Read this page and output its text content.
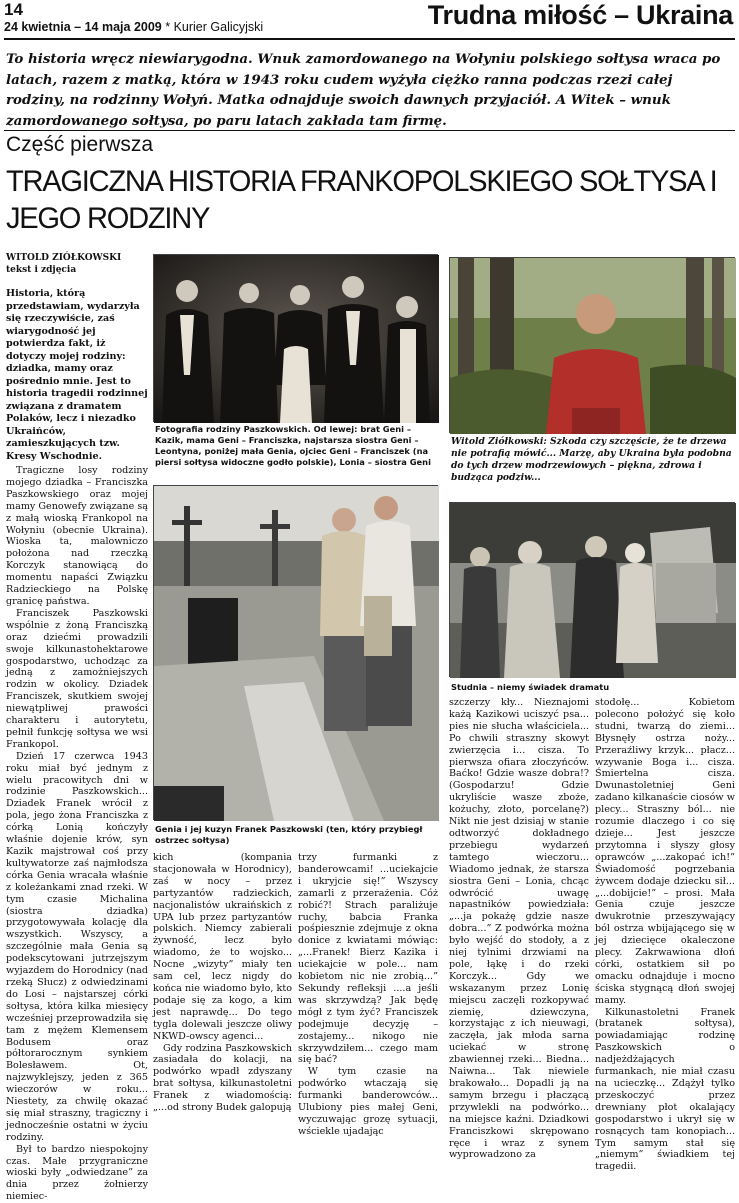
14
24 kwietnia – 14 maja 2009 * Kurier Galicyjski	Trudna miłość – Ukraina
To historia wręcz niewiarygodna. Wnuk zamordowanego na Wołyniu polskiego sołtysa wraca po latach, razem z matką, która w 1943 roku cudem wyżyła ciężko ranna podczas rzezi całej rodziny, na rodzinny Wołyń. Matka odnajduje swoich dawnych przyjaciół. A Witek – wnuk zamordowanego sołtysa, po paru latach zakłada tam firmę.
Część pierwsza
TRAGICZNA HISTORIA FRANKOPOLSKIEGO SOŁTYSA I JEGO RODZINY
WITOLD ZIÓŁKOWSKI
tekst i zdjęcia
Historia, którą przedstawiam, wydarzyła się rzeczywiście, zaś wiarygodność jej potwierdza fakt, iż dotyczy mojej rodziny: dziadka, mamy oraz pośrednio mnie. Jest to historia tragedii rodzinnej związana z dramatem Polaków, lecz i niezadko Ukraińców, zamieszkujących tzw. Kresy Wschodnie.

Tragiczne losy rodziny mojego dziadka – Franciszka Paszkowskiego oraz mojej mamy Genowefy związane są z małą wioską Frankopol na Wołyniu (obecnie Ukraina). Wioska ta, malowniczo położona nad rzeczką Korczyk stanowiącą do momentu napaści Związku Radzieckiego na Polskę granicę państwa.

Franciszek Paszkowski wspólnie z żoną Franciszką oraz dziećmi prowadzili swoje kilkunastohektarowe gospodarstwo, uchodząc za jedną z zamożniejszych rodzin w okolicy. Dziadek Franciszek, skutkiem swojej niewątpliwej prawości charakteru i autorytetu, pełnił funkcję sołtysa we wsi Frankopol.

Dzień 17 czerwca 1943 roku miał być jednym z wielu pracowitych dni w rodzinie Paszkowskich... Dziadek Franek wrócił z pola, jego żona Franciszka z córką Lonią kończyły właśnie dojenie krów, syn Kazik majstrował coś przy kultywatorze zaś najmłodsza córka Genia wracała właśnie z koleżankami znad rzeki. W tym czasie Michalina (siostra dziadka) przygotowywała kolację dla wszystkich. Wszyscy, a szczególnie mała Genia są podekscytowani jutrzejszym wyjazdem do Horodnicy (nad rzeką Słucz) z odwiedzinami do Losi – najstarszej córki sołtysa, która kilka miesięcy wcześniej przeprowadziła się tam z mężem Klemensem Bodusem oraz półtorarocznym synkiem Bolesławem. Ot, najzwyklejszy, jeden z 365 wieczorów w roku... Niestety, za chwilę okazać się miał straszny, tragiczny i jednocześnie ostatni w życiu rodziny.

Był to bardzo niespokojny czas. Małe przygraniczne wioski były „odwiedzane” za dnia przez żołnierzy niemiec-

Fotografia rodziny Paszkowskich. Od lewej: brat Geni – Kazik, mama Geni – Franciszka, najstarsza siostra Geni – Leontyna, poniżej mała Genia, ojciec Geni – Franciszek (na piersi sołtysa widoczne godło polskie), Lonia – siostra Geni
Witold Ziółkowski: Szkoda czy szczęście, że te drzewa nie potrafią mówić... Marzę, aby Ukraina była podobna do tych drzew modrzewiowych – piękna, zdrowa i budząca podziw...
Genia i jej kuzyn Franek Paszkowski (ten, który przybiegł ostrzec sołtysa)
Studnia – niemy świadek dramatu

kich (kompania stacjonowała w Horodnicy), zaś w nocy – przez partyzantów radzieckich, nacjonalistów ukraińskich z UPA lub przez partyzantów polskich. Niemcy zabierali żywność, lecz było wiadomo, że to wojsko... Nocne „wizyty” miały ten sam cel, lecz nigdy do końca nie wiadomo było, kto podaje się za kogo, a kim jest naprawdę... Do tego tygla dolewali jeszcze oliwy NKWD-owscy agenci...

Gdy rodzina Paszkowskich zasiadała do kolacji, na podwórko wpadł zdyszany brat sołtysa, kilkunastoletni Franek z wiadomością: „...od strony Budek galopują

trzy furmanki z banderowcami! ...uciekajcie i ukryjcie się!” Wszyscy zamarli z przerażenia. Cóż robić?! Strach paraliżuje ruchy, babcia Franka pośpiesznie zdejmuje z okna donice z kwiatami mówiąc: „...Franek! Bierz Kazika i uciekajcie w pole... nam kobietom nic nie zrobią...” Sekundy refleksji ....a jeśli was skrzywdzą? Jak będę mógł z tym żyć? Franciszek podejmuje decyzję – zostajemy... nikogo nie skrzywdziłem... czego mam się bać?

W tym czasie na podwórko wtaczają się furmanki banderowców... Ulubiony pies małej Geni, wyczuwając grozę sytuacji, wściekle ujadając

szczerzy kły... Nieznajomi każą Kazikowi uciszyć psa... pies nie słucha właściciela... Po chwili straszny skowyt zwierzęcia i... cisza. To pierwsza ofiara złoczyńców. Baćko! Gdzie wasze dobra!? (Gospodarzu! Gdzie ukryliście wasze zboże, kożuchy, złoto, porcelanę?) Nikt nie jest dzisiaj w stanie odtworzyć dokładnego przebiegu wydarzeń tamtego wieczoru... Wiadomo jednak, że starsza siostra Geni – Lonia, chcąc odwrócić uwagę napastników powiedziała: „...ja pokażę gdzie nasze dobra...” Z podwórka można było wejść do stodoły, a z niej tylnimi drzwiami na pole, łąkę i do rzeki Korczyk... Gdy we wskazanym przez Lonię miejscu zaczęli rozkopywać ziemię, dziewczyna, korzystając z ich nieuwagi, zaczęła, jak młoda sarna uciekać w stronę zbawiennej rzeki... Biedna... Naiwna... Tak niewiele brakowało... Dopadli ją na samym brzegu i płaczącą przywlekli na podwórko... na miejsce kaźni. Dziadkowi Franciszkowi skrępowano ręce i wraz z synem wyprowadzono za

stodołę... Kobietom polecono położyć się koło studni, twarzą do ziemi... Błysnęły ostrza noży... Przeraźliwy krzyk... płacz... wzywanie Boga i... cisza. Śmiertelna cisza. Dwunastoletniej Geni zadano kilkanaście ciosów w plecy... Straszny ból... nie rozumie dlaczego i co się dzieje... Jest jeszcze przytomna i słyszy głosy oprawców „...zakopać ich!” Świadomość pogrzebania żywcem dodaje dziecku sił... „...dobijcie!” – prosi. Mała Genia czuje jeszcze dwukrotnie przeszywający ból ostrza wbijającego się w jej dziecięce okaleczone plecy. Zakrwawiona dłoń córki, ostatkiem sił po omacku odnajduje i mocno ściska stygnącą dłoń swojej mamy.

Kilkunastoletni Franek (bratanek sołtysa), powiadamiając rodzinę Paszkowskich o nadjeżdżających furmankach, nie miał czasu na ucieczkę... Zdążył tylko przeskoczyć przez drewniany płot okalający gospodarstwo i ukrył się w rosnących tam konopiach... Tym samym stał się „niemym” świadkiem tej tragedii.
